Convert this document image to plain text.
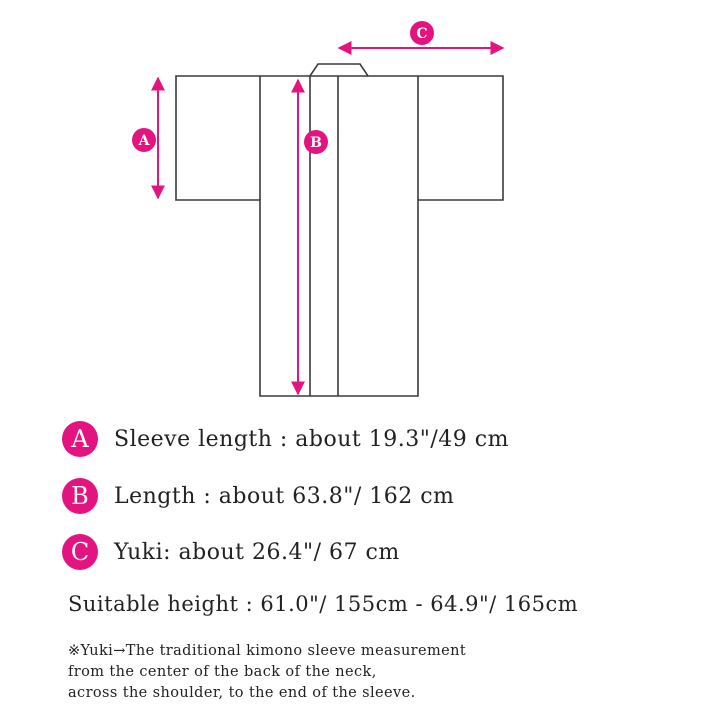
A	B
C
A	Sleeve length : about 19.3"/49 cm
B	Length : about 63.8"/ 162 cm
C	Yuki: about 26.4"/ 67 cm
Suitable height : 61.0"/ 155cm - 64.9"/ 165cm
※Yuki→The traditional kimono sleeve measurement
from the center of the back of the neck,
across the shoulder, to the end of the sleeve.
